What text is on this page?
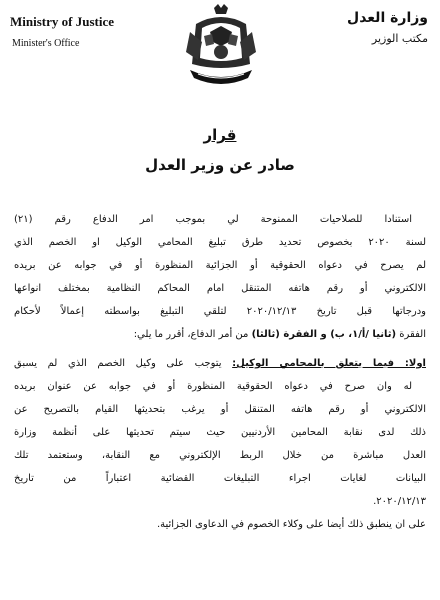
Ministry of Justice
Minister's Office
وزارة العدل
مكتب الوزير
قرار
صادر عن وزير العدل
استنادا للصلاحيات الممنوحة لي بموجب امر الدفاع رقم (٢١)
لسنة ٢٠٢٠ بخصوص تحديد طرق تبليغ المحامي الوكيل او الخصم الذي
لم يصرح في دعواه الحقوقية أو الجزائية المنظورة أو في جوابه عن بريده
الالكتروني أو رقم هاتفه المتنقل امام المحاكم النظامية بمختلف انواعها
ودرجاتها قبل تاريخ ٢٠٢٠/١٢/١٣ لتلقي التبليغ بواسطته إعمالاً لأحكام
الفقرة (ثانيا /أ/١، ب) و الفقرة (ثالثا) من أمر الدفاع، أقرر ما يلي:
اولا: فيما يتعلق بالمحامي الوكيل: يتوجب على وكيل الخصم الذي لم يسبق
له وان صرح في دعواه الحقوقية المنظورة أو في جوابه عن عنوان بريده
الالكتروني أو رقم هاتفه المتنقل أو يرغب بتحديثها القيام بالتصريح عن
ذلك لدى نقابة المحامين الأردنيين حيث سيتم تحديثها على أنظمة وزارة
العدل مباشرة من خلال الربط الإلكتروني مع النقابة، وستعتمد تلك
البيانات لغايات اجراء التبليغات القضائية اعتباراً من تاريخ
٢٠٢٠/١٢/١٣.
على ان ينطبق ذلك أيضا على وكلاء الخصوم في الدعاوى الجزائية.
